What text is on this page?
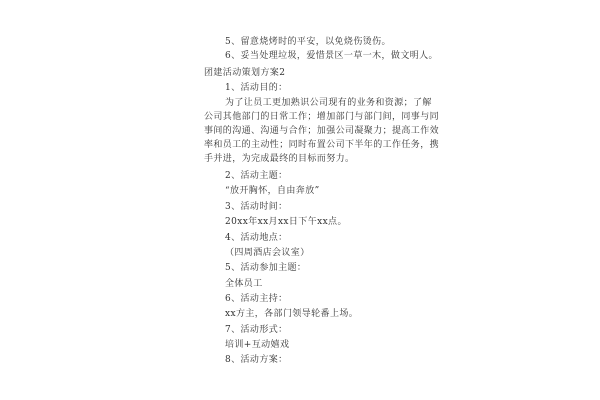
5、留意烧烤时的平安，以免烧伤烫伤。
6、妥当处理垃圾，爱惜景区一草一木，做文明人。
团建活动策划方案2
1、活动目的：
为了让员工更加熟识公司现有的业务和资源；了解
公司其他部门的日常工作；增加部门与部门间，同事与同
事间的沟通、沟通与合作；加强公司凝聚力；提高工作效
率和员工的主动性；同时布置公司下半年的工作任务，携
手并进，为完成最终的目标而努力。
2、活动主题：
“放开胸怀，自由奔放”
3、活动时间：
20xx年xx月xx日下午xx点。
4、活动地点：
（四周酒店会议室）
5、活动参加主题：
全体员工
6、活动主持：
xx方主，各部门领导轮番上场。
7、活动形式：
培训+互动嬉戏
8、活动方案：
